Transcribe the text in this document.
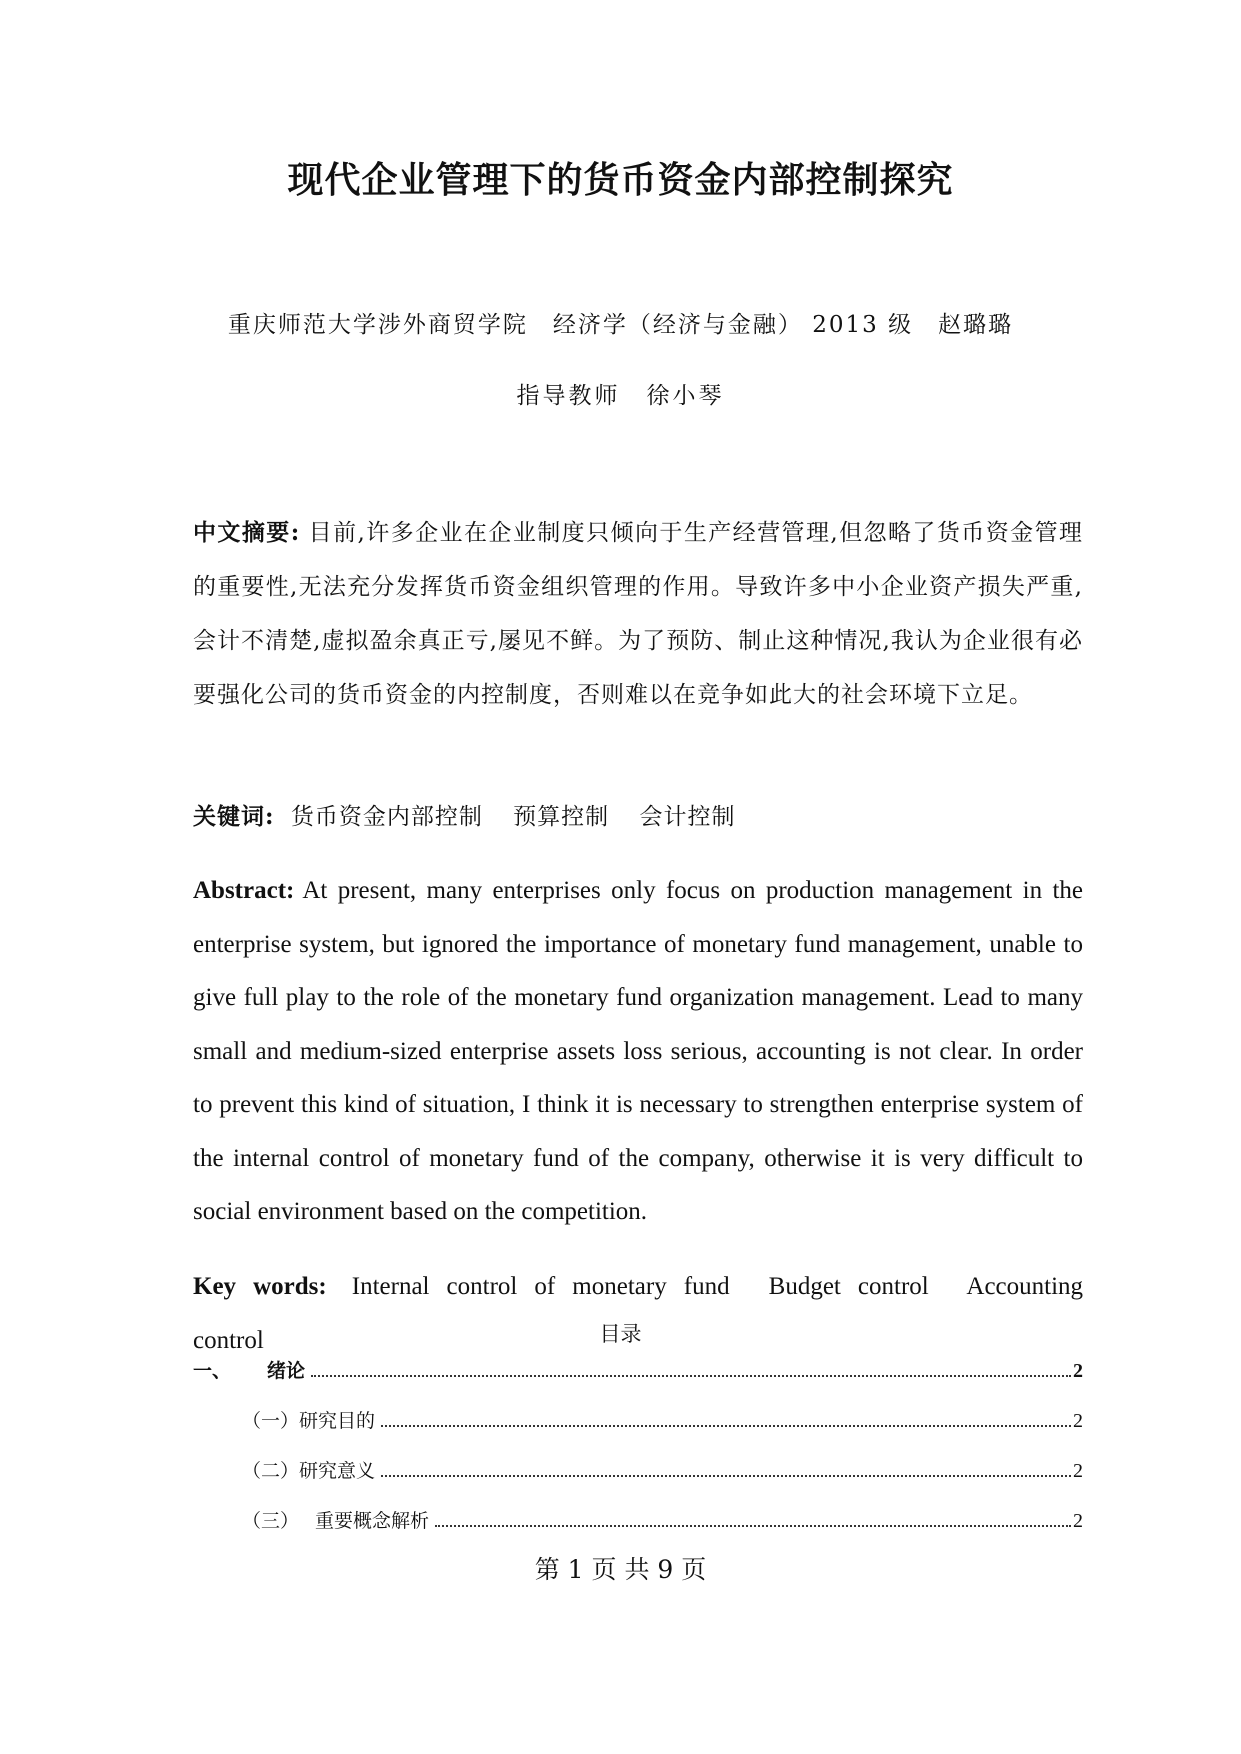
现代企业管理下的货币资金内部控制探究
重庆师范大学涉外商贸学院　经济学（经济与金融） 2013 级　赵璐璐
指导教师　徐小琴
中文摘要: 目前,许多企业在企业制度只倾向于生产经营管理,但忽略了货币资金管理的重要性,无法充分发挥货币资金组织管理的作用。导致许多中小企业资产损失严重,会计不清楚,虚拟盈余真正亏,屡见不鲜。为了预防、制止这种情况,我认为企业很有必要强化公司的货币资金的内控制度，否则难以在竞争如此大的社会环境下立足。
关键词: 货币资金内部控制 预算控制 会计控制
Abstract: At present, many enterprises only focus on production management in the enterprise system, but ignored the importance of monetary fund management, unable to give full play to the role of the monetary fund organization management. Lead to many small and medium-sized enterprise assets loss serious, accounting is not clear. In order to prevent this kind of situation, I think it is necessary to strengthen enterprise system of the internal control of monetary fund of the company, otherwise it is very difficult to social environment based on the competition.
Key words: Internal control of monetary fund Budget control Accounting control	目录
一、 绪论	2
（一）研究目的	2
（二）研究意义	2
（三） 重要概念解析	2
第 1 页 共 9 页
